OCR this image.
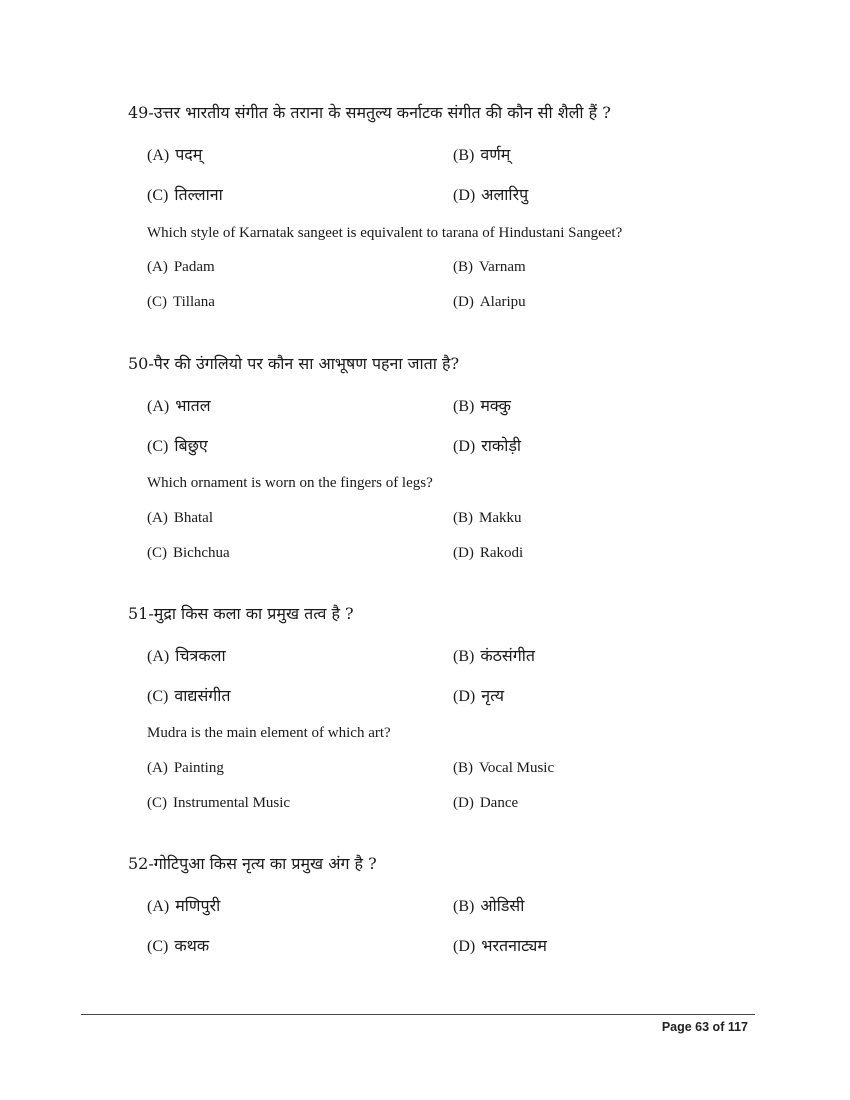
49-उत्तर भारतीय संगीत के तराना के समतुल्य कर्नाटक संगीत की कौन सी शैली हैं ?
(A) पदम्	(B) वर्णम्
(C) तिल्लाना	(D) अलारिपु
Which style of Karnatak sangeet is equivalent to tarana of Hindustani Sangeet?
(A) Padam	(B) Varnam
(C) Tillana	(D) Alaripu
50-पैर की उंगलियो पर कौन सा आभूषण पहना जाता है?
(A) भातल	(B) मक्कु
(C) बिछुए	(D) राकोड़ी
Which ornament is worn on the fingers of legs?
(A) Bhatal	(B) Makku
(C) Bichchua	(D) Rakodi
51-मुद्रा किस कला का प्रमुख तत्व है ?
(A) चित्रकला	(B) कंठसंगीत
(C) वाद्यसंगीत	(D) नृत्य
Mudra is the main element of which art?
(A) Painting	(B) Vocal Music
(C) Instrumental Music	(D) Dance
52-गोटिपुआ किस नृत्य का प्रमुख अंग है ?
(A) मणिपुरी	(B) ओडिसी
(C) कथक	(D) भरतनाट्यम
Page 63 of 117
